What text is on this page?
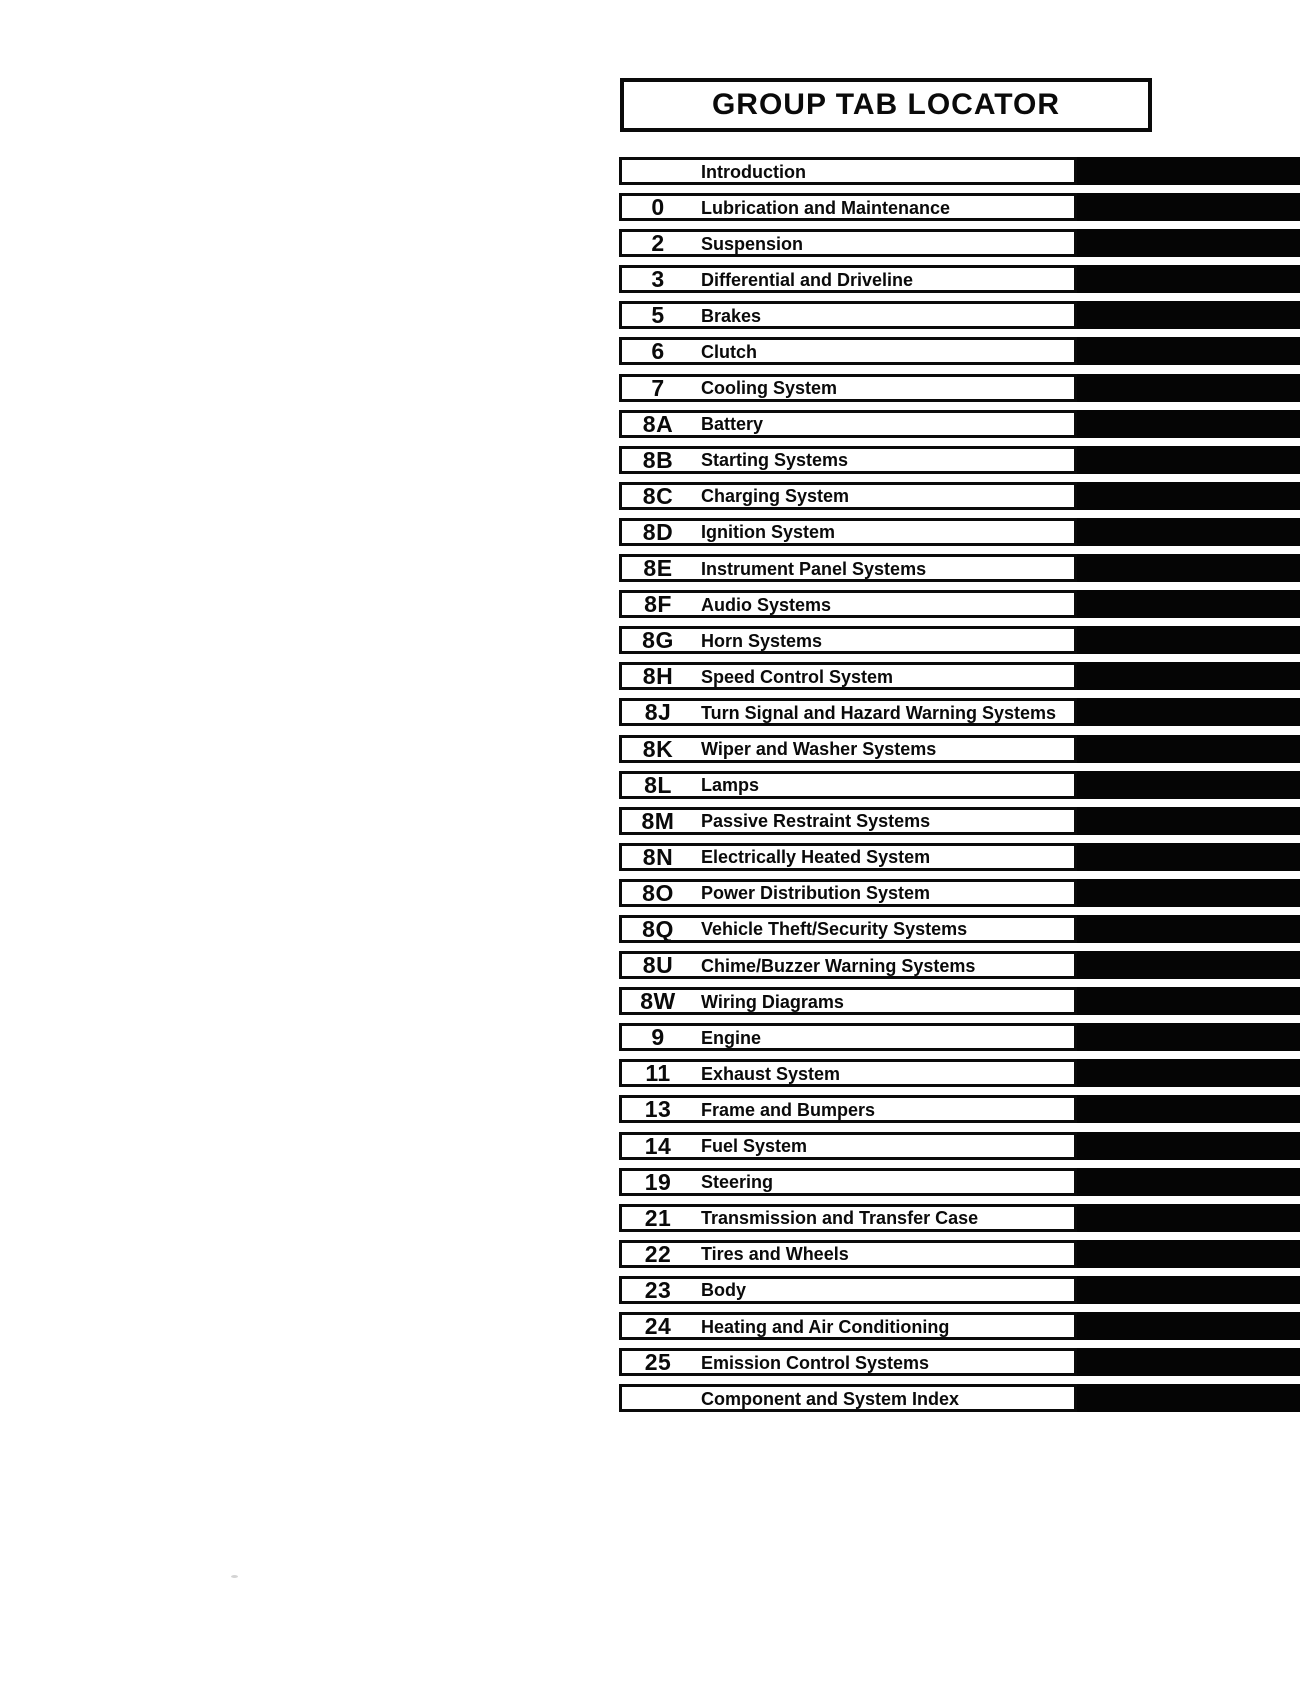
GROUP TAB LOCATOR
Introduction
0	Lubrication and Maintenance
2	Suspension
3	Differential and Driveline
5	Brakes
6	Clutch
7	Cooling System
8A	Battery
8B	Starting Systems
8C	Charging System
8D	Ignition System
8E	Instrument Panel Systems
8F	Audio Systems
8G	Horn Systems
8H	Speed Control System
8J	Turn Signal and Hazard Warning Systems
8K	Wiper and Washer Systems
8L	Lamps
8M	Passive Restraint Systems
8N	Electrically Heated System
8O	Power Distribution System
8Q	Vehicle Theft/Security Systems
8U	Chime/Buzzer Warning Systems
8W	Wiring Diagrams
9	Engine
11	Exhaust System
13	Frame and Bumpers
14	Fuel System
19	Steering
21	Transmission and Transfer Case
22	Tires and Wheels
23	Body
24	Heating and Air Conditioning
25	Emission Control Systems
Component and System Index
